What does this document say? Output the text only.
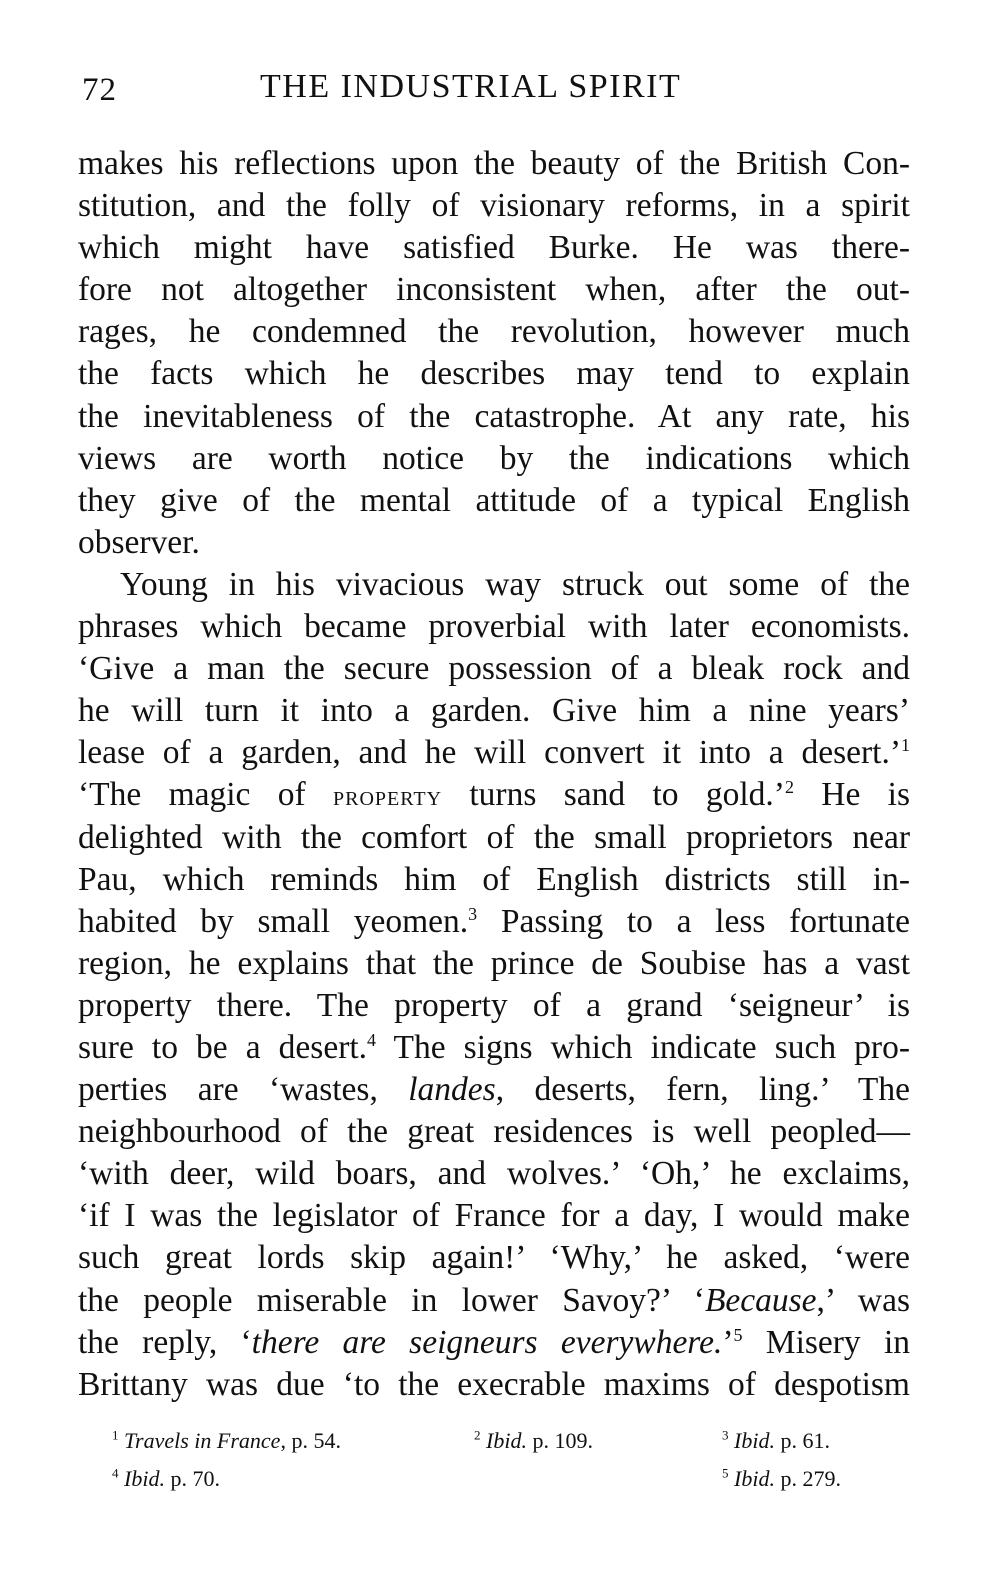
72	THE INDUSTRIAL SPIRIT
makes his reflections upon the beauty of the British Con-
stitution, and the folly of visionary reforms, in a spirit
which might have satisfied Burke. He was there-
fore not altogether inconsistent when, after the out-
rages, he condemned the revolution, however much
the facts which he describes may tend to explain
the inevitableness of the catastrophe. At any rate, his
views are worth notice by the indications which
they give of the mental attitude of a typical English
observer.
Young in his vivacious way struck out some of the
phrases which became proverbial with later economists.
‘Give a man the secure possession of a bleak rock and
he will turn it into a garden. Give him a nine years’
lease of a garden, and he will convert it into a desert.’$^1$
‘The magic of property turns sand to gold.’$^2$ He is
delighted with the comfort of the small proprietors near
Pau, which reminds him of English districts still in-
habited by small yeomen.$^3$ Passing to a less fortunate
region, he explains that the prince de Soubise has a vast
property there. The property of a grand ‘seigneur’ is
sure to be a desert.$^4$ The signs which indicate such pro-
perties are ‘wastes, landes, deserts, fern, ling.’ The
neighbourhood of the great residences is well peopled—
‘with deer, wild boars, and wolves.’ ‘Oh,’ he exclaims,
‘if I was the legislator of France for a day, I would make
such great lords skip again!’ ‘Why,’ he asked, ‘were
the people miserable in lower Savoy?’ ‘Because,’ was
the reply, ‘there are seigneurs everywhere.’$^5$ Misery in
Brittany was due ‘to the execrable maxims of despotism
$^1$ Travels in France, p. 54.	$^2$ Ibid. p. 109.	$^3$ Ibid. p. 61.
$^4$ Ibid. p. 70.	$^5$ Ibid. p. 279.
